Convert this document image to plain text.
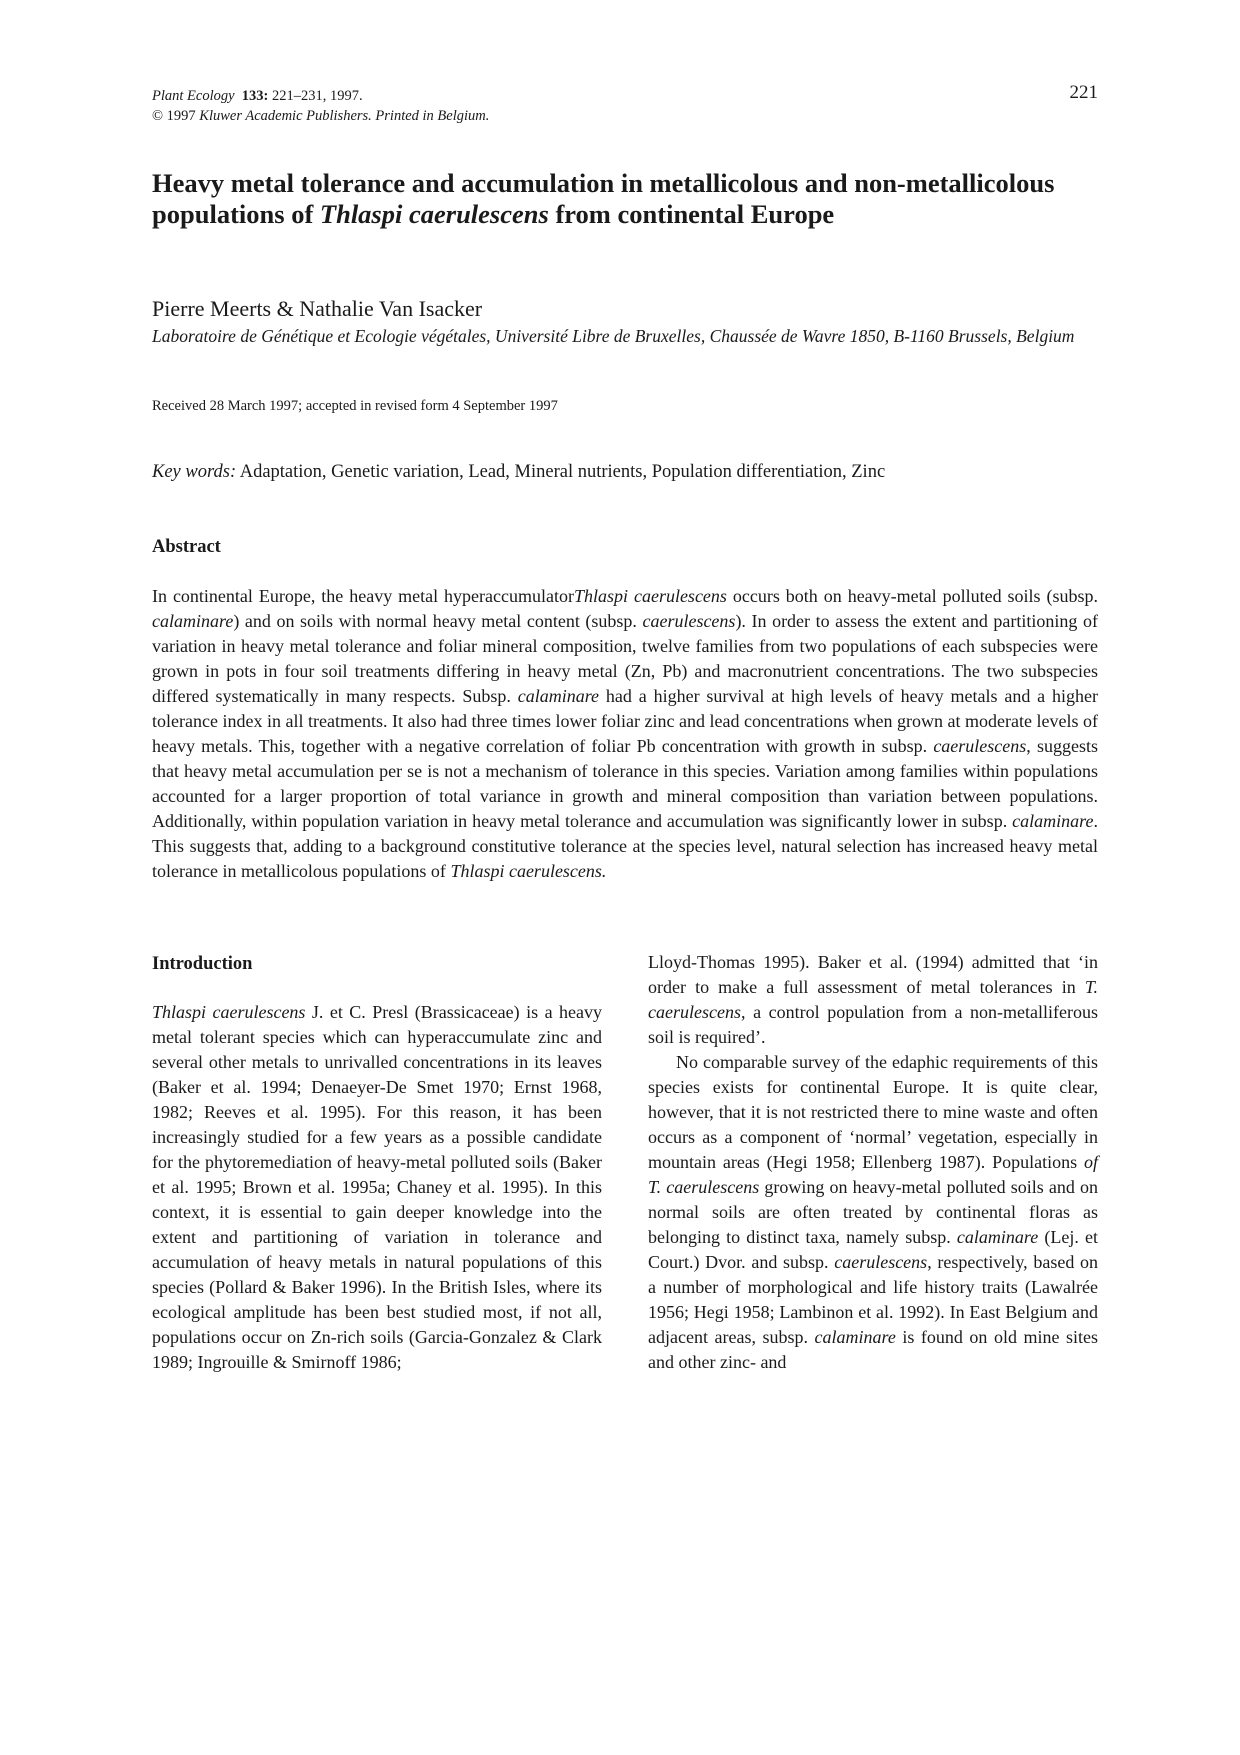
Plant Ecology 133: 221–231, 1997.
© 1997 Kluwer Academic Publishers. Printed in Belgium.
221
Heavy metal tolerance and accumulation in metallicolous and non-metallicolous populations of Thlaspi caerulescens from continental Europe
Pierre Meerts & Nathalie Van Isacker
Laboratoire de Génétique et Ecologie végétales, Université Libre de Bruxelles, Chaussée de Wavre 1850, B-1160 Brussels, Belgium
Received 28 March 1997; accepted in revised form 4 September 1997
Key words: Adaptation, Genetic variation, Lead, Mineral nutrients, Population differentiation, Zinc
Abstract

In continental Europe, the heavy metal hyperaccumulatorThlaspi caerulescens occurs both on heavy-metal polluted soils (subsp. calaminare) and on soils with normal heavy metal content (subsp. caerulescens). In order to assess the extent and partitioning of variation in heavy metal tolerance and foliar mineral composition, twelve families from two populations of each subspecies were grown in pots in four soil treatments differing in heavy metal (Zn, Pb) and macronutrient concentrations. The two subspecies differed systematically in many respects. Subsp. calaminare had a higher survival at high levels of heavy metals and a higher tolerance index in all treatments. It also had three times lower foliar zinc and lead concentrations when grown at moderate levels of heavy metals. This, together with a negative correlation of foliar Pb concentration with growth in subsp. caerulescens, suggests that heavy metal accumulation per se is not a mechanism of tolerance in this species. Variation among families within populations accounted for a larger proportion of total variance in growth and mineral composition than variation between populations. Additionally, within population variation in heavy metal tolerance and accumulation was significantly lower in subsp. calaminare. This suggests that, adding to a background constitutive tolerance at the species level, natural selection has increased heavy metal tolerance in metallicolous populations of Thlaspi caerulescens.

Introduction

Thlaspi caerulescens J. et C. Presl (Brassicaceae) is a heavy metal tolerant species which can hyperaccumulate zinc and several other metals to unrivalled concentrations in its leaves (Baker et al. 1994; Denaeyer-De Smet 1970; Ernst 1968, 1982; Reeves et al. 1995). For this reason, it has been increasingly studied for a few years as a possible candidate for the phytoremediation of heavy-metal polluted soils (Baker et al. 1995; Brown et al. 1995a; Chaney et al. 1995). In this context, it is essential to gain deeper knowledge into the extent and partitioning of variation in tolerance and accumulation of heavy metals in natural populations of this species (Pollard & Baker 1996). In the British Isles, where its ecological amplitude has been best studied most, if not all, populations occur on Zn-rich soils (Garcia-Gonzalez & Clark 1989; Ingrouille & Smirnoff 1986;

Lloyd-Thomas 1995). Baker et al. (1994) admitted that ‘in order to make a full assessment of metal tolerances in T. caerulescens, a control population from a non-metalliferous soil is required’.

No comparable survey of the edaphic requirements of this species exists for continental Europe. It is quite clear, however, that it is not restricted there to mine waste and often occurs as a component of ‘normal’ vegetation, especially in mountain areas (Hegi 1958; Ellenberg 1987). Populations of T. caerulescens growing on heavy-metal polluted soils and on normal soils are often treated by continental floras as belonging to distinct taxa, namely subsp. calaminare (Lej. et Court.) Dvor. and subsp. caerulescens, respectively, based on a number of morphological and life history traits (Lawalrée 1956; Hegi 1958; Lambinon et al. 1992). In East Belgium and adjacent areas, subsp. calaminare is found on old mine sites and other zinc- and
